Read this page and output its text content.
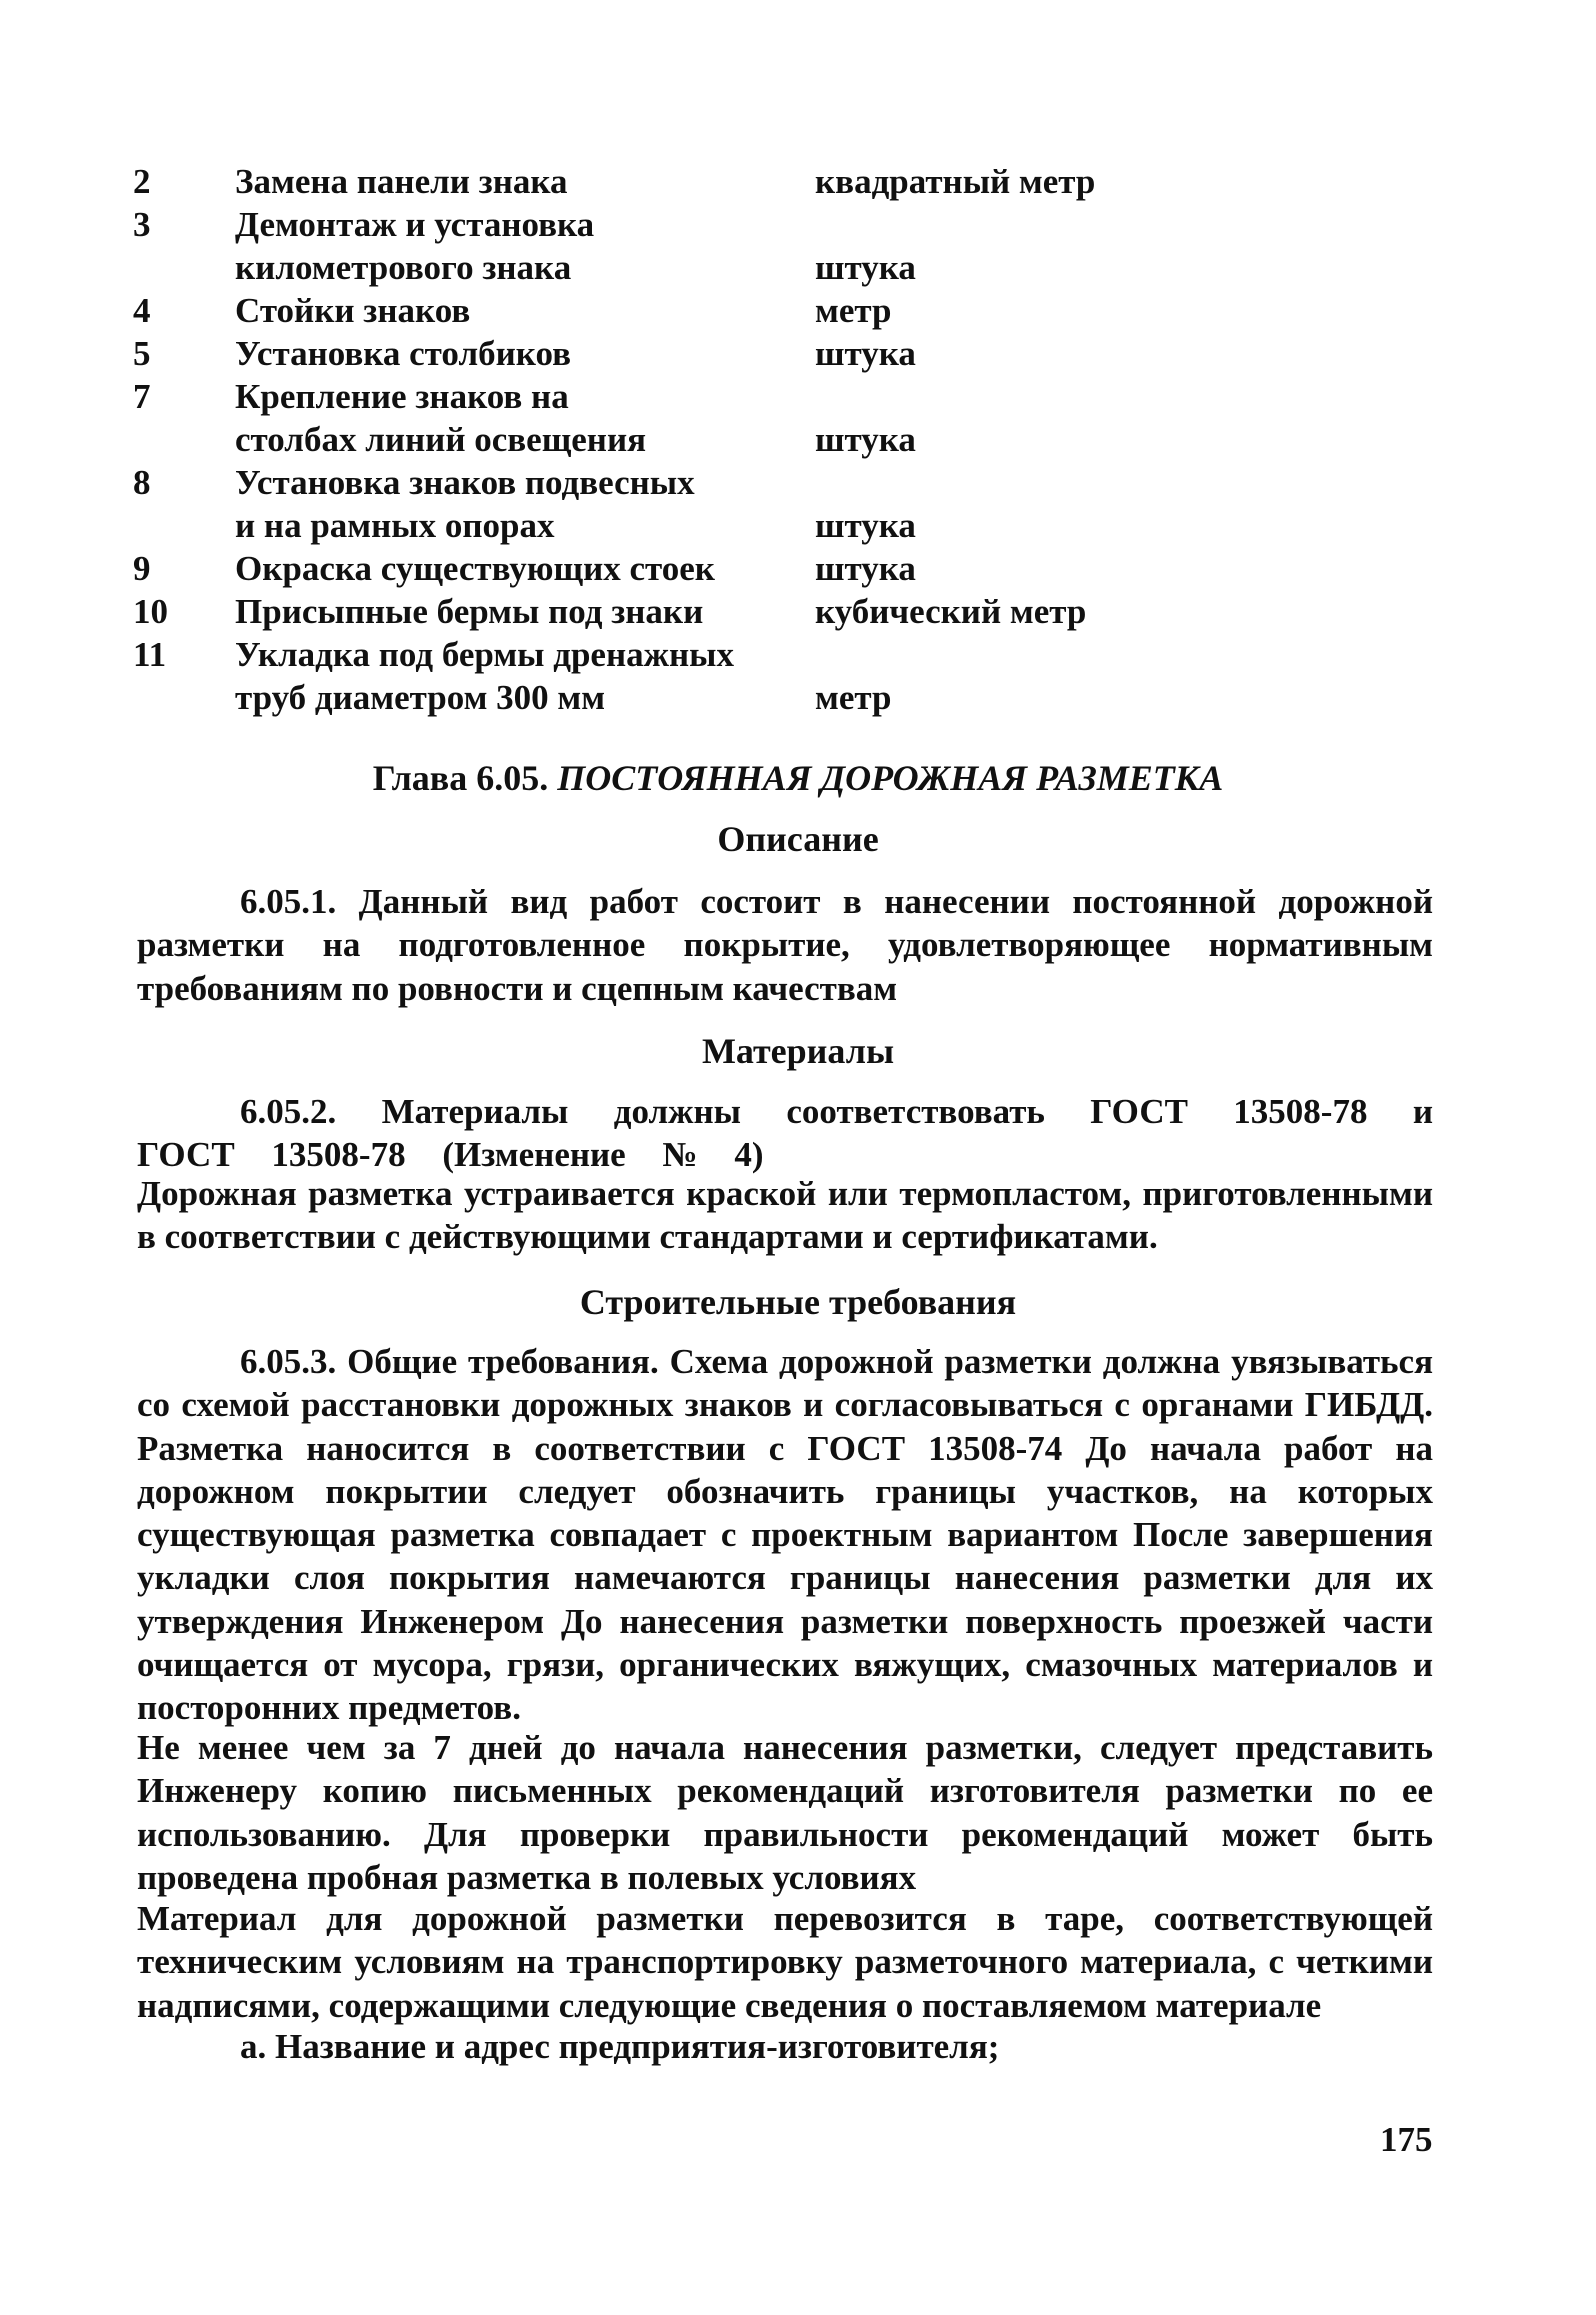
2	Замена панели знака	квадратный метр
3	Демонтаж и установка
километрового знака	штука
4	Стойки знаков	метр
5	Установка столбиков	штука
7	Крепление знаков на
столбах линий освещения	штука
8	Установка знаков подвесных
и на рамных опорах	штука
9	Окраска существующих стоек	штука
10	Присыпные бермы под знаки	кубический метр
11	Укладка под бермы дренажных
труб диаметром 300 мм	метр
Глава 6.05. ПОСТОЯННАЯ ДОРОЖНАЯ РАЗМЕТКА
Описание
6.05.1. Данный вид работ состоит в нанесении постоянной дорожной разметки на подготовленное покрытие, удовлетворяющее нормативным требованиям по ровности и сцепным качествам
Материалы
6.05.2. Материалы должны соответствовать ГОСТ 13508-78 и ГОСТ 13508-78 (Изменение № 4)
Дорожная разметка устраивается краской или термопластом, приготовленными в соответствии с действующими стандартами и сертификатами.
Строительные требования
6.05.3. Общие требования. Схема дорожной разметки должна увязываться со схемой расстановки дорожных знаков и согласовываться с органами ГИБДД. Разметка наносится в соответствии с ГОСТ 13508-74 До начала работ на дорожном покрытии следует обозначить границы участков, на которых существующая разметка совпадает с проектным вариантом После завершения укладки слоя покрытия намечаются границы нанесения разметки для их утверждения Инженером До нанесения разметки поверхность проезжей части очищается от мусора, грязи, органических вяжущих, смазочных материалов и посторонних предметов.
Не менее чем за 7 дней до начала нанесения разметки, следует представить Инженеру копию письменных рекомендаций изготовителя разметки по ее использованию. Для проверки правильности рекомендаций может быть проведена пробная разметка в полевых условиях
Материал для дорожной разметки перевозится в таре, соответствующей техническим условиям на транспортировку разметочного материала, с четкими надписями, содержащими следующие сведения о поставляемом материале
а. Название и адрес предприятия-изготовителя;
175
